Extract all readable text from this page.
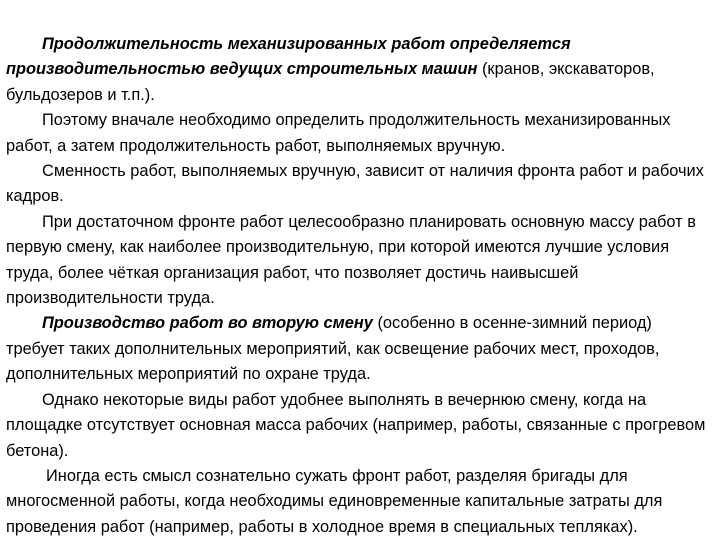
Продолжительность механизированных работ определяется производительностью ведущих строительных машин (кранов, экскаваторов, бульдозеров и т.п.).

Поэтому вначале необходимо определить продолжительность механизированных работ, а затем продолжительность работ, выполняемых вручную.

Сменность работ, выполняемых вручную, зависит от наличия фронта работ и рабочих кадров.

При достаточном фронте работ целесообразно планировать основную массу работ в первую смену, как наиболее производительную, при которой имеются лучшие условия труда, более чёткая организация работ, что позволяет достичь наивысшей производительности труда.

Производство работ во вторую смену (особенно в осенне-зимний период) требует таких дополнительных мероприятий, как освещение рабочих мест, проходов, дополнительных мероприятий по охране труда.

Однако некоторые виды работ удобнее выполнять в вечернюю смену, когда на площадке отсутствует основная масса рабочих (например, работы, связанные с прогревом бетона).

Иногда есть смысл сознательно сужать фронт работ, разделяя бригады для многосменной работы, когда необходимы единовременные капитальные затраты для проведения работ (например, работы в холодное время в специальных тепляках).
